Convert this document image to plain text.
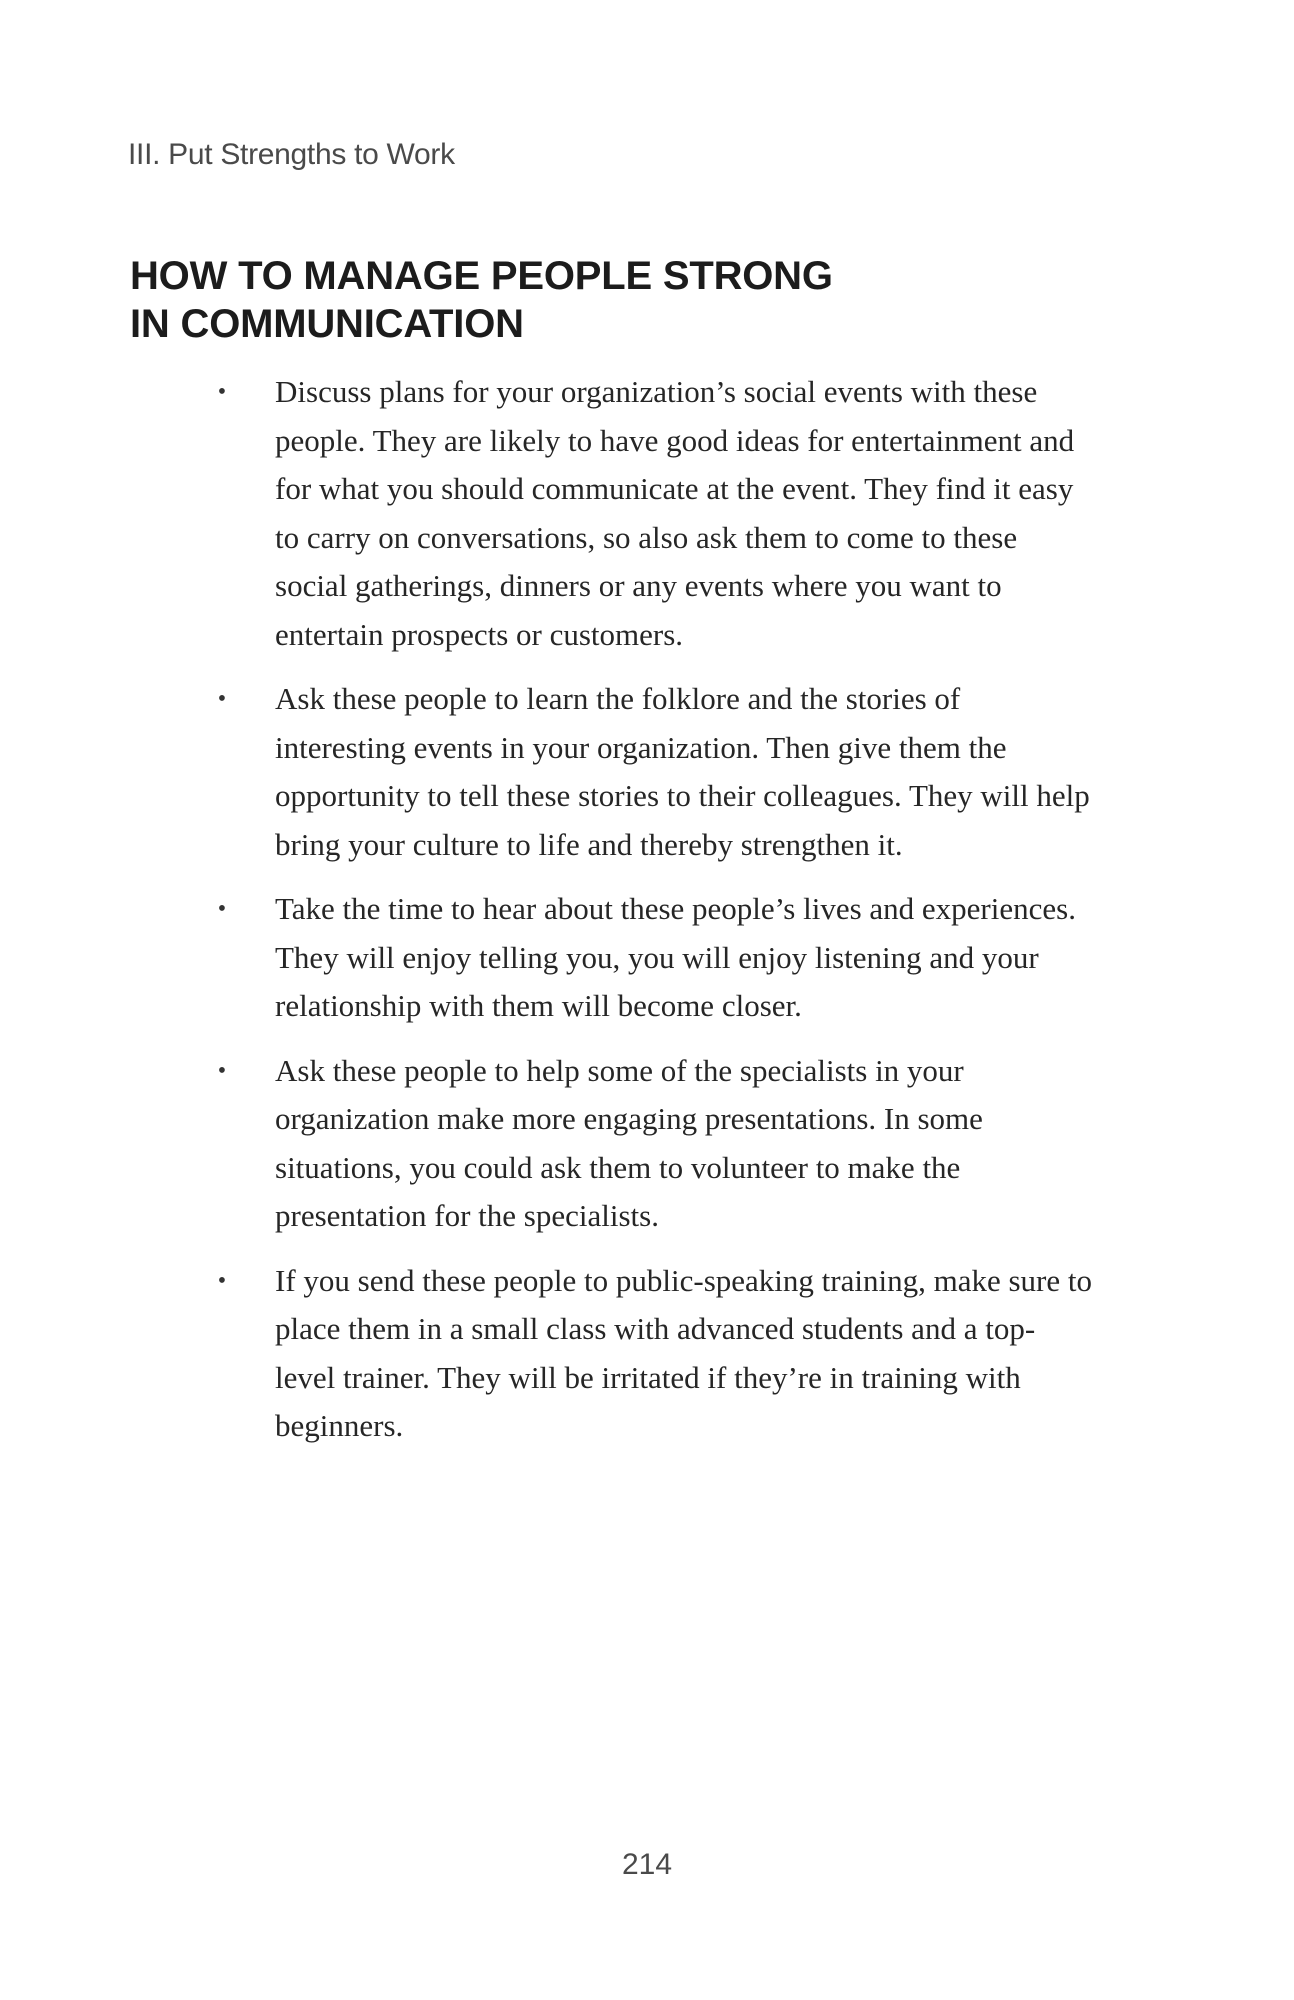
III. Put Strengths to Work
HOW TO MANAGE PEOPLE STRONG
IN COMMUNICATION
• Discuss plans for your organization’s social events with these people. They are likely to have good ideas for entertainment and for what you should communicate at the event. They find it easy to carry on conversations, so also ask them to come to these social gatherings, dinners or any events where you want to entertain prospects or customers.
• Ask these people to learn the folklore and the stories of interesting events in your organization. Then give them the opportunity to tell these stories to their colleagues. They will help bring your culture to life and thereby strengthen it.
• Take the time to hear about these people’s lives and experiences. They will enjoy telling you, you will enjoy listening and your relationship with them will become closer.
• Ask these people to help some of the specialists in your organization make more engaging presentations. In some situations, you could ask them to volunteer to make the presentation for the specialists.
• If you send these people to public-speaking training, make sure to place them in a small class with advanced students and a top-level trainer. They will be irritated if they’re in training with beginners.
214
